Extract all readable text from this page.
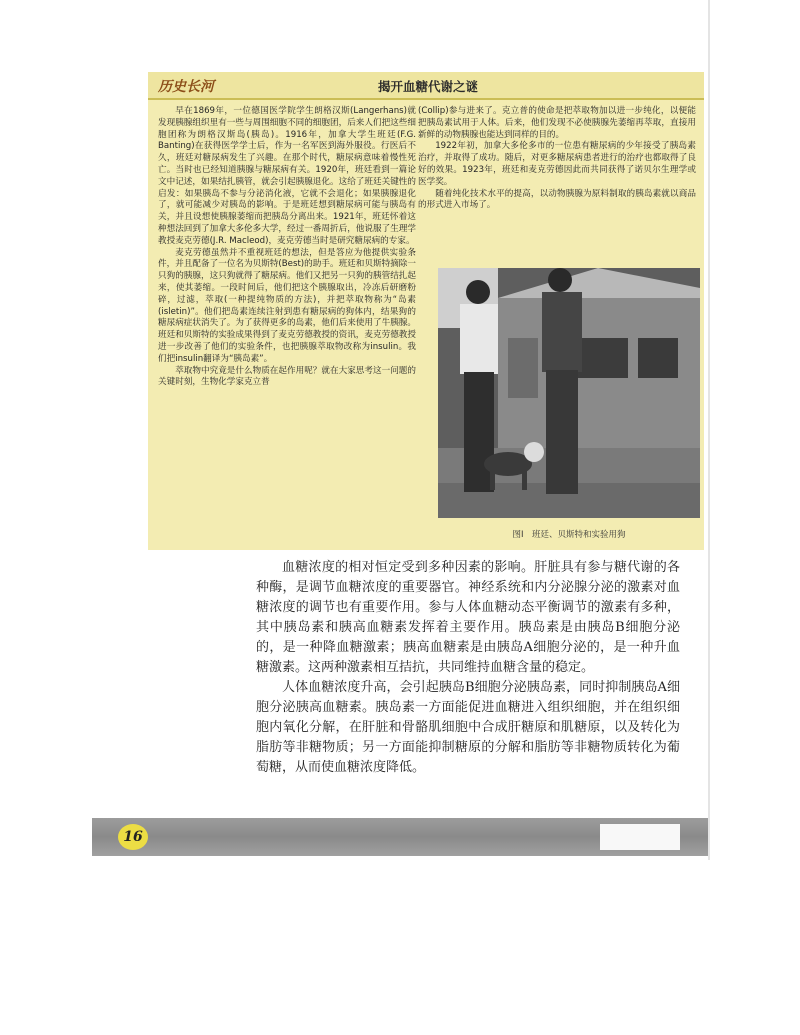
历史长河	揭开血糖代谢之谜

早在1869年，一位德国医学院学生朗格汉斯(Langerhans)就发现胰腺组织里有一些与周围细胞不同的细胞团，后来人们把这些细胞团称为朗格汉斯岛(胰岛)。1916年，加拿大学生班廷(F.G. Banting)在获得医学学士后，作为一名军医到海外服役。行医后不久，班廷对糖尿病发生了兴趣。在那个时代，糖尿病意味着慢性死亡。当时也已经知道胰腺与糖尿病有关。1920年，班廷看到一篇论文中记述，如果结扎胰管，就会引起胰腺退化。这给了班廷关键性的启发：如果胰岛不参与分泌消化液，它就不会退化；如果胰腺退化了，就可能减少对胰岛的影响。于是班廷想到糖尿病可能与胰岛有关，并且设想使胰腺萎缩而把胰岛分离出来。1921年，班廷怀着这种想法回到了加拿大多伦多大学，经过一番周折后，他说服了生理学教授麦克劳德(J.R. Macleod)，麦克劳德当时是研究糖尿病的专家。

麦克劳德虽然并不重视班廷的想法，但是答应为他提供实验条件，并且配备了一位名为贝斯特(Best)的助手。班廷和贝斯特摘除一只狗的胰腺，这只狗就得了糖尿病。他们又把另一只狗的胰管结扎起来，使其萎缩。一段时间后，他们把这个胰腺取出，冷冻后研磨粉碎，过滤，萃取(一种提纯物质的方法)，并把萃取物称为“岛素(isletin)”。他们把岛素连续注射到患有糖尿病的狗体内，结果狗的糖尿病症状消失了。为了获得更多的岛素，他们后来使用了牛胰腺。班廷和贝斯特的实验成果得到了麦克劳德教授的资讯，麦克劳德教授进一步改善了他们的实验条件，也把胰腺萃取物改称为insulin。我们把insulin翻译为“胰岛素”。

萃取物中究竟是什么物质在起作用呢？就在大家思考这一问题的关键时刻，生物化学家克立普

(Collip)参与进来了。克立普的使命是把萃取物加以进一步纯化，以便能把胰岛素试用于人体。后来，他们发现不必使胰腺先萎缩再萃取，直接用新鲜的动物胰腺也能达到同样的目的。

1922年初，加拿大多伦多市的一位患有糖尿病的少年接受了胰岛素治疗，并取得了成功。随后，对更多糖尿病患者进行的治疗也都取得了良好的效果。1923年，班廷和麦克劳德因此而共同获得了诺贝尔生理学或医学奖。

随着纯化技术水平的提高，以动物胰腺为原料制取的胰岛素就以商品的形式进入市场了。

图Ⅰ　班廷、贝斯特和实验用狗

血糖浓度的相对恒定受到多种因素的影响。肝脏具有参与糖代谢的各种酶，是调节血糖浓度的重要器官。神经系统和内分泌腺分泌的激素对血糖浓度的调节也有重要作用。参与人体血糖动态平衡调节的激素有多种，其中胰岛素和胰高血糖素发挥着主要作用。胰岛素是由胰岛B细胞分泌的，是一种降血糖激素；胰高血糖素是由胰岛A细胞分泌的，是一种升血糖激素。这两种激素相互拮抗，共同维持血糖含量的稳定。

人体血糖浓度升高，会引起胰岛B细胞分泌胰岛素，同时抑制胰岛A细胞分泌胰高血糖素。胰岛素一方面能促进血糖进入组织细胞，并在组织细胞内氧化分解，在肝脏和骨骼肌细胞中合成肝糖原和肌糖原，以及转化为脂肪等非糖物质；另一方面能抑制糖原的分解和脂肪等非糖物质转化为葡萄糖，从而使血糖浓度降低。

16
